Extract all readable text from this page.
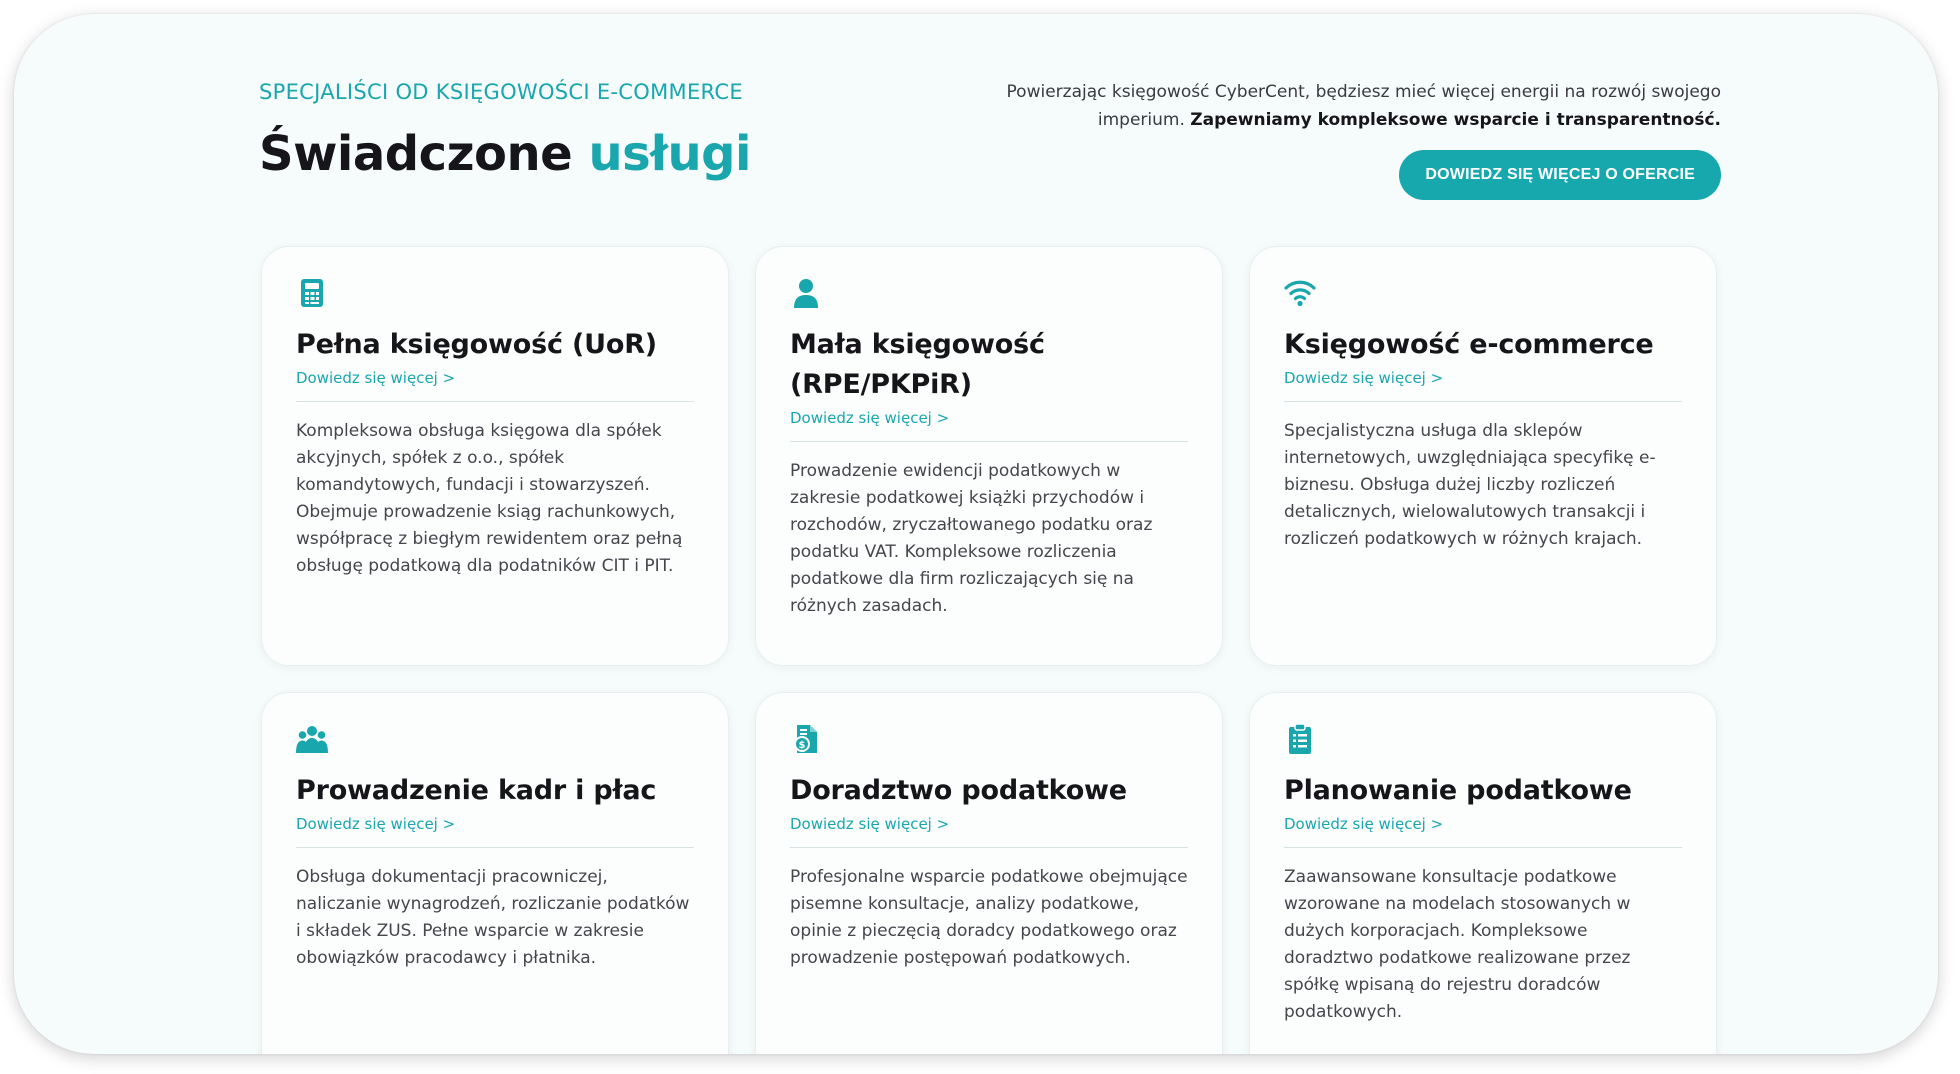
SPECJALIŚCI OD KSIĘGOWOŚCI E-COMMERCE
Świadczone usługi

Powierzając księgowość CyberCent, będziesz mieć więcej energii na rozwój swojego imperium. Zapewniamy kompleksowe wsparcie i transparentność.

DOWIEDZ SIĘ WIĘCEJ O OFERCIE
Pełna księgowość (UoR)
Dowiedz się więcej >

Kompleksowa obsługa księgowa dla spółek akcyjnych, spółek z o.o., spółek komandytowych, fundacji i stowarzyszeń. Obejmuje prowadzenie ksiąg rachunkowych, współpracę z biegłym rewidentem oraz pełną obsługę podatkową dla podatników CIT i PIT.

Mała księgowość (RPE/PKPiR)
Dowiedz się więcej >

Prowadzenie ewidencji podatkowych w zakresie podatkowej książki przychodów i rozchodów, zryczałtowanego podatku oraz podatku VAT. Kompleksowe rozliczenia podatkowe dla firm rozliczających się na różnych zasadach.

Księgowość e-commerce
Dowiedz się więcej >

Specjalistyczna usługa dla sklepów internetowych, uwzględniająca specyfikę e-biznesu. Obsługa dużej liczby rozliczeń detalicznych, wielowalutowych transakcji i rozliczeń podatkowych w różnych krajach.

Prowadzenie kadr i płac
Dowiedz się więcej >

Obsługa dokumentacji pracowniczej, naliczanie wynagrodzeń, rozliczanie podatków i składek ZUS. Pełne wsparcie w zakresie obowiązków pracodawcy i płatnika.

$
Doradztwo podatkowe
Dowiedz się więcej >

Profesjonalne wsparcie podatkowe obejmujące pisemne konsultacje, analizy podatkowe, opinie z pieczęcią doradcy podatkowego oraz prowadzenie postępowań podatkowych.

Planowanie podatkowe
Dowiedz się więcej >

Zaawansowane konsultacje podatkowe wzorowane na modelach stosowanych w dużych korporacjach. Kompleksowe doradztwo podatkowe realizowane przez spółkę wpisaną do rejestru doradców podatkowych.
